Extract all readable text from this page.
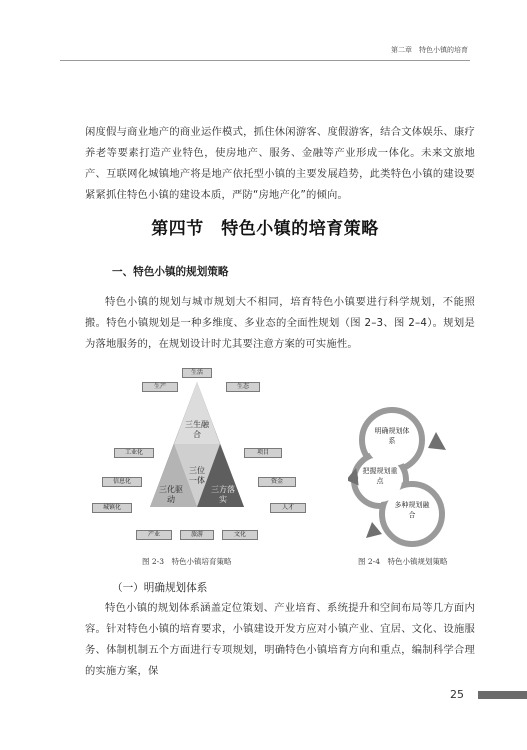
第二章　特色小镇的培育

闲度假与商业地产的商业运作模式，抓住休闲游客、度假游客，结合文体娱乐、康疗养老等要素打造产业特色，使房地产、服务、金融等产业形成一体化。未来文旅地产、互联网化城镇地产将是地产依托型小镇的主要发展趋势，此类特色小镇的建设要紧紧抓住特色小镇的建设本质，严防“房地产化”的倾向。

第四节　特色小镇的培育策略
一、特色小镇的规划策略

特色小镇的规划与城市规划大不相同，培育特色小镇要进行科学规划，不能照搬。特色小镇规划是一种多维度、多业态的全面性规划（图 2–3、图 2–4）。规划是为落地服务的，在规划设计时尤其要注意方案的可实施性。

三生融合
三位一体
三化驱动
三方落实
生活
生产	生态
工业化
信息化
城镇化
项目
资金
人才
产业	旅游	文化
图 2-3　特色小镇培育策略
明确规划体系
把握规划重点
多种规划融合
图 2-4　特色小镇规划策略
（一）明确规划体系

特色小镇的规划体系涵盖定位策划、产业培育、系统提升和空间布局等几方面内容。针对特色小镇的培育要求，小镇建设开发方应对小镇产业、宜居、文化、设施服务、体制机制五个方面进行专项规划，明确特色小镇培育方向和重点，编制科学合理的实施方案，保

25
